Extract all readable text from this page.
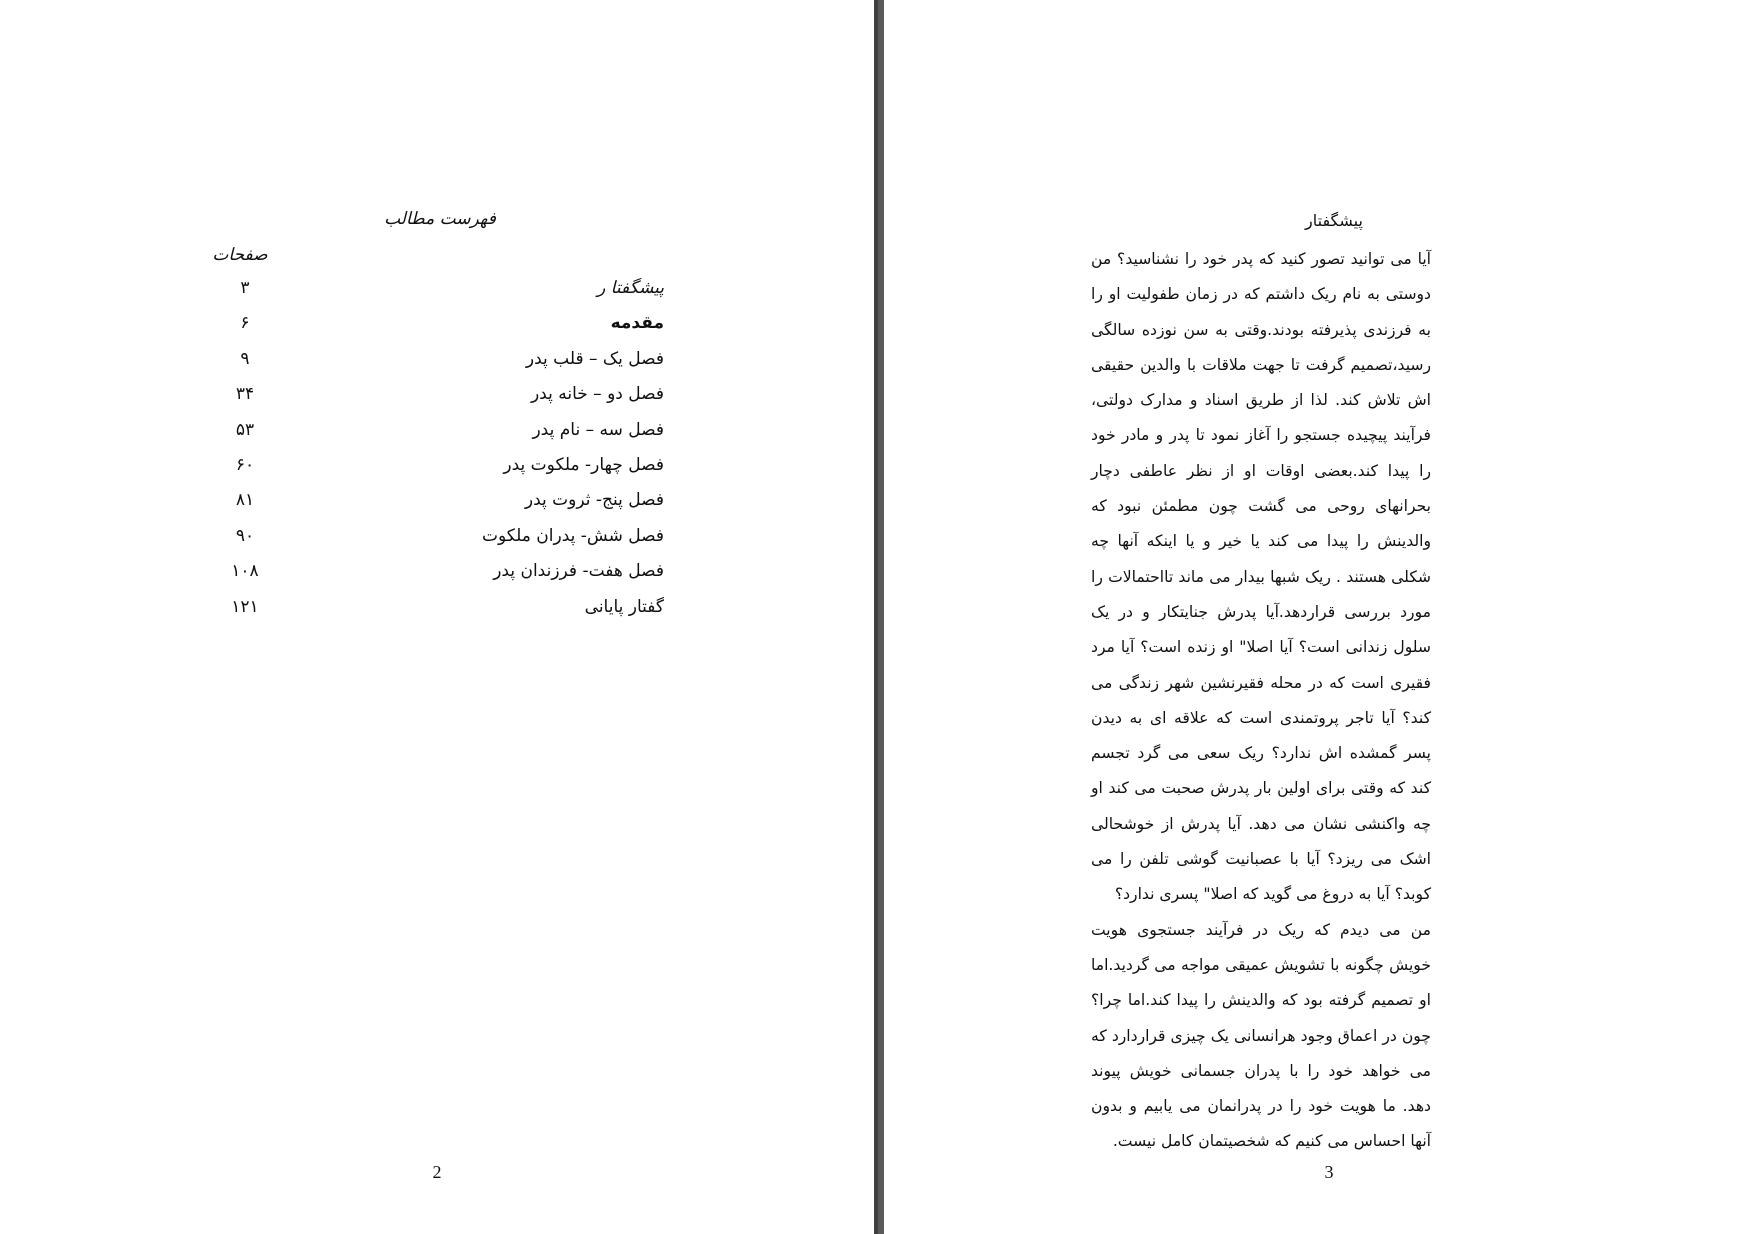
فهرست مطالب
صفحات
پیشگفتا ر
۳
مقدمه
۶
فصل یک – قلب پدر
۹
فصل دو – خانه پدر
۳۴
فصل سه – نام پدر
۵۳
فصل چهار- ملکوت پدر
۶۰
فصل پنج- ثروت پدر
۸۱
فصل شش- پدران ملکوت
۹۰
فصل هفت- فرزندان پدر
۱۰۸
گفتار پایانی
۱۲۱
2
پیشگفتار

آیا می توانید تصور کنید که پدر خود را نشناسید؟ من دوستی به نام ریک داشتم که در زمان طفولیت او را به فرزندی پذیرفته بودند.وقتی به سن نوزده سالگی رسید،تصمیم گرفت تا جهت ملاقات با والدین حقیقی اش تلاش کند. لذا از طریق اسناد و مدارک دولتی، فرآیند پیچیده جستجو را آغاز نمود تا پدر و مادر خود را پیدا کند.بعضی اوقات او از نظر عاطفی دچار بحرانهای روحی می گشت چون مطمئن نبود که والدینش را پیدا می کند یا خیر و یا اینکه آنها چه شکلی هستند . ریک شبها بیدار می ماند تااحتمالات را مورد بررسی قراردهد.آیا پدرش جنایتکار و در یک سلول زندانی است؟ آیا اصلا" او زنده است؟ آیا مرد فقیری است که در محله فقیرنشین شهر زندگی می کند؟ آیا تاجر پروتمندی است که علاقه ای به دیدن پسر گمشده اش ندارد؟ ریک سعی می گرد تجسم کند که وقتی برای اولین بار پدرش صحبت می کند او چه واکنشی نشان می دهد. آیا پدرش از خوشحالی اشک می ریزد؟ آیا با عصبانیت گوشی تلفن را می کوبد؟ آیا به دروغ می گوید که اصلا" پسری ندارد؟

من می دیدم که ریک در فرآیند جستجوی هویت خویش چگونه با تشویش عمیقی مواجه می گردید.اما او تصمیم گرفته بود که والدینش را پیدا کند.اما چرا؟ چون در اعماق وجود هرانسانی یک چیزی قراردارد که می خواهد خود را با پدران جسمانی خویش پیوند دهد. ما هویت خود را در پدرانمان می یابیم و بدون آنها احساس می کنیم که شخصیتمان کامل نیست.

3
